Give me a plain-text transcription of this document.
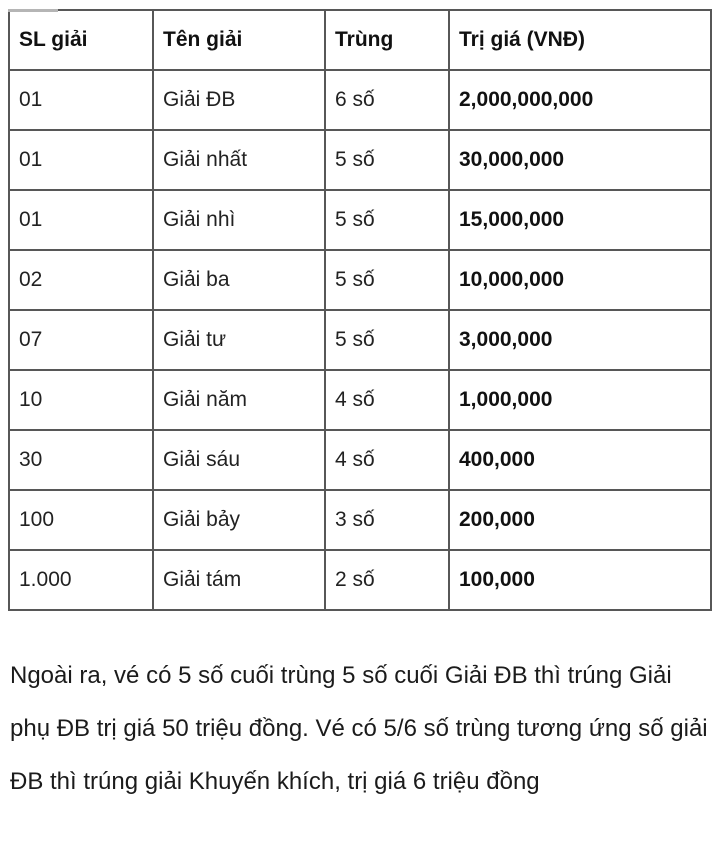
SL giải	Tên giải	Trùng	Trị giá (VNĐ)
01	Giải ĐB	6 số	2,000,000,000
01	Giải nhất	5 số	30,000,000
01	Giải nhì	5 số	15,000,000
02	Giải ba	5 số	10,000,000
07	Giải tư	5 số	3,000,000
10	Giải năm	4 số	1,000,000
30	Giải sáu	4 số	400,000
100	Giải bảy	3 số	200,000
1.000	Giải tám	2 số	100,000

Ngoài ra, vé có 5 số cuối trùng 5 số cuối Giải ĐB thì trúng Giải phụ ĐB trị giá 50 triệu đồng. Vé có 5/6 số trùng tương ứng số giải ĐB thì trúng giải Khuyến khích, trị giá 6 triệu đồng
